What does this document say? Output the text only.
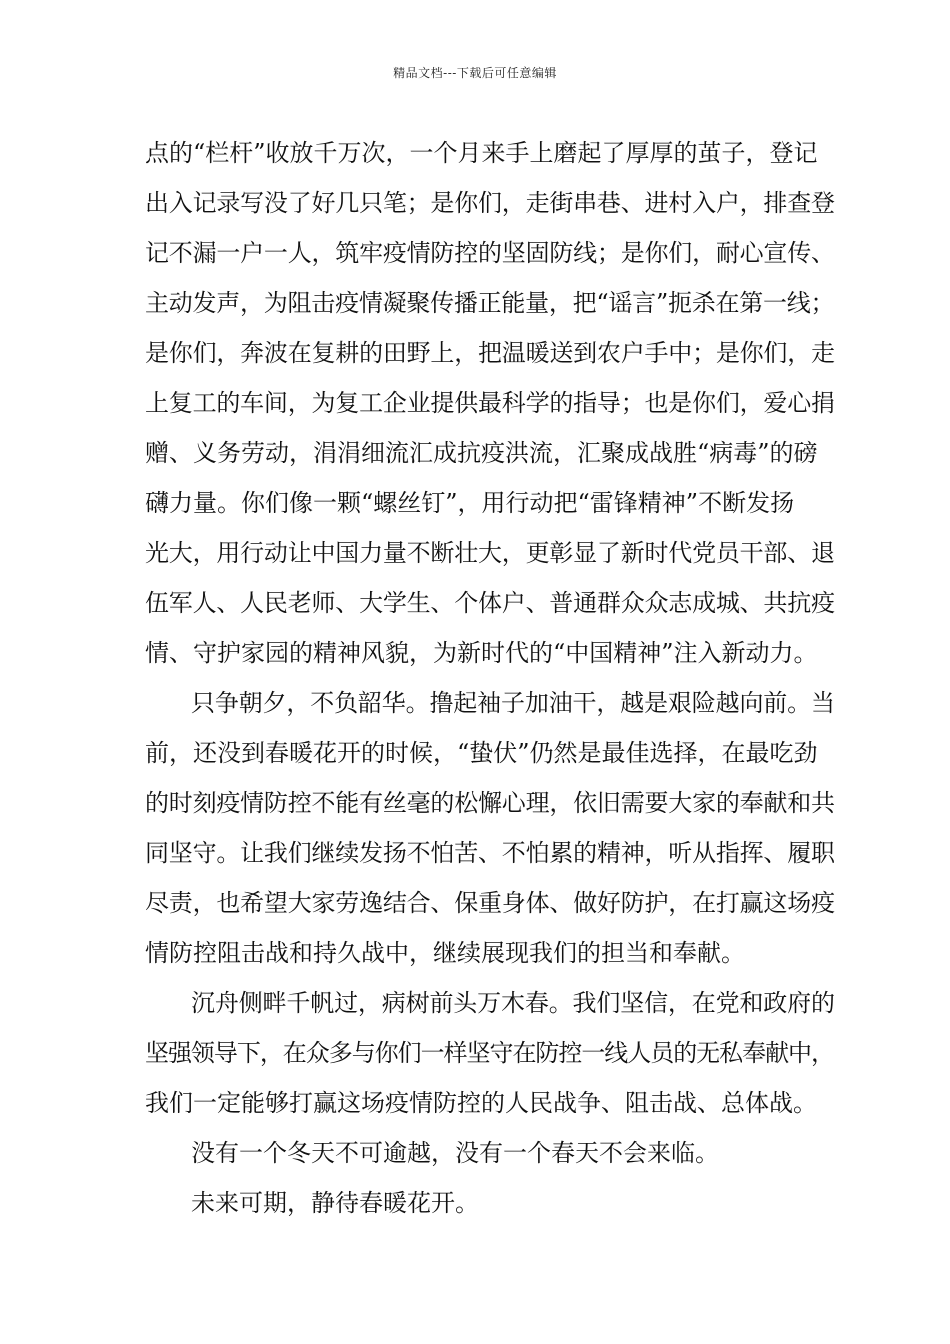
精品文档---下载后可任意编辑
点的“栏杆”收放千万次，一个月来手上磨起了厚厚的茧子，登记
出入记录写没了好几只笔；是你们，走街串巷、进村入户，排查登
记不漏一户一人，筑牢疫情防控的坚固防线；是你们，耐心宣传、
主动发声，为阻击疫情凝聚传播正能量，把“谣言”扼杀在第一线；
是你们，奔波在复耕的田野上，把温暖送到农户手中；是你们，走
上复工的车间，为复工企业提供最科学的指导；也是你们，爱心捐
赠、义务劳动，涓涓细流汇成抗疫洪流，汇聚成战胜“病毒”的磅
礴力量。你们像一颗“螺丝钉”，用行动把“雷锋精神”不断发扬
光大，用行动让中国力量不断壮大，更彰显了新时代党员干部、退
伍军人、人民老师、大学生、个体户、普通群众众志成城、共抗疫
情、守护家园的精神风貌，为新时代的“中国精神”注入新动力。
只争朝夕，不负韶华。撸起袖子加油干，越是艰险越向前。当
前，还没到春暖花开的时候，“蛰伏”仍然是最佳选择，在最吃劲
的时刻疫情防控不能有丝毫的松懈心理，依旧需要大家的奉献和共
同坚守。让我们继续发扬不怕苦、不怕累的精神，听从指挥、履职
尽责，也希望大家劳逸结合、保重身体、做好防护，在打赢这场疫
情防控阻击战和持久战中，继续展现我们的担当和奉献。
沉舟侧畔千帆过，病树前头万木春。我们坚信，在党和政府的
坚强领导下，在众多与你们一样坚守在防控一线人员的无私奉献中，
我们一定能够打赢这场疫情防控的人民战争、阻击战、总体战。
没有一个冬天不可逾越，没有一个春天不会来临。
未来可期，静待春暖花开。
